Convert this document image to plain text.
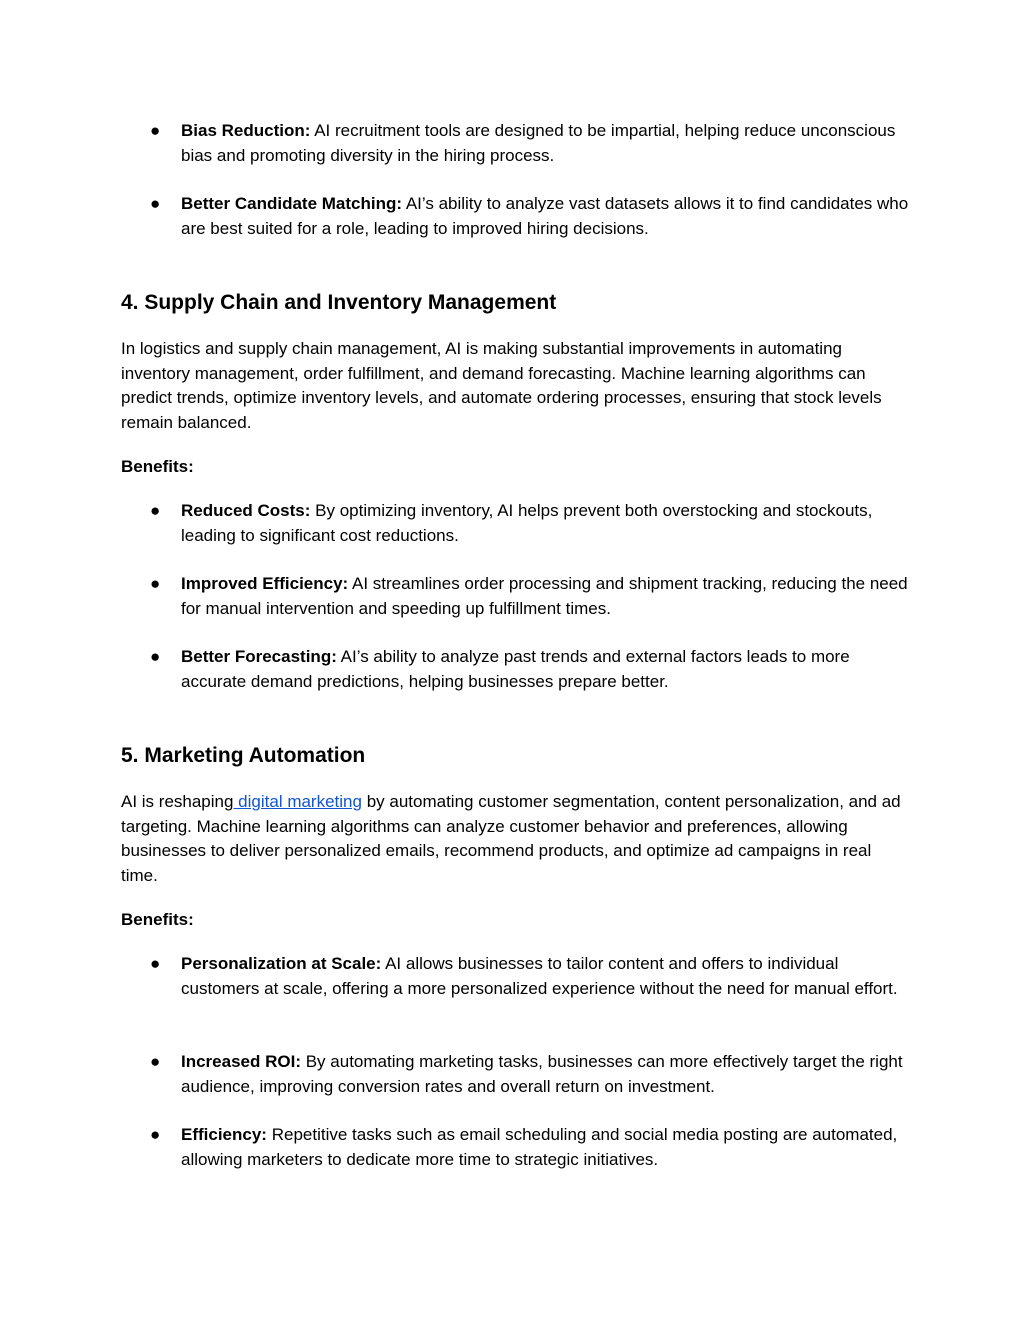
●	Bias Reduction: AI recruitment tools are designed to be impartial, helping reduce unconscious bias and promoting diversity in the hiring process.
●	Better Candidate Matching: AI’s ability to analyze vast datasets allows it to find candidates who are best suited for a role, leading to improved hiring decisions.
4. Supply Chain and Inventory Management
In logistics and supply chain management, AI is making substantial improvements in automating inventory management, order fulfillment, and demand forecasting. Machine learning algorithms can predict trends, optimize inventory levels, and automate ordering processes, ensuring that stock levels remain balanced.
Benefits:
●	Reduced Costs: By optimizing inventory, AI helps prevent both overstocking and stockouts, leading to significant cost reductions.
●	Improved Efficiency: AI streamlines order processing and shipment tracking, reducing the need for manual intervention and speeding up fulfillment times.
●	Better Forecasting: AI’s ability to analyze past trends and external factors leads to more accurate demand predictions, helping businesses prepare better.
5. Marketing Automation
AI is reshaping digital marketing by automating customer segmentation, content personalization, and ad targeting. Machine learning algorithms can analyze customer behavior and preferences, allowing businesses to deliver personalized emails, recommend products, and optimize ad campaigns in real time.
Benefits:
●	Personalization at Scale: AI allows businesses to tailor content and offers to individual customers at scale, offering a more personalized experience without the need for manual effort.
●	Increased ROI: By automating marketing tasks, businesses can more effectively target the right audience, improving conversion rates and overall return on investment.
●	Efficiency: Repetitive tasks such as email scheduling and social media posting are automated, allowing marketers to dedicate more time to strategic initiatives.
